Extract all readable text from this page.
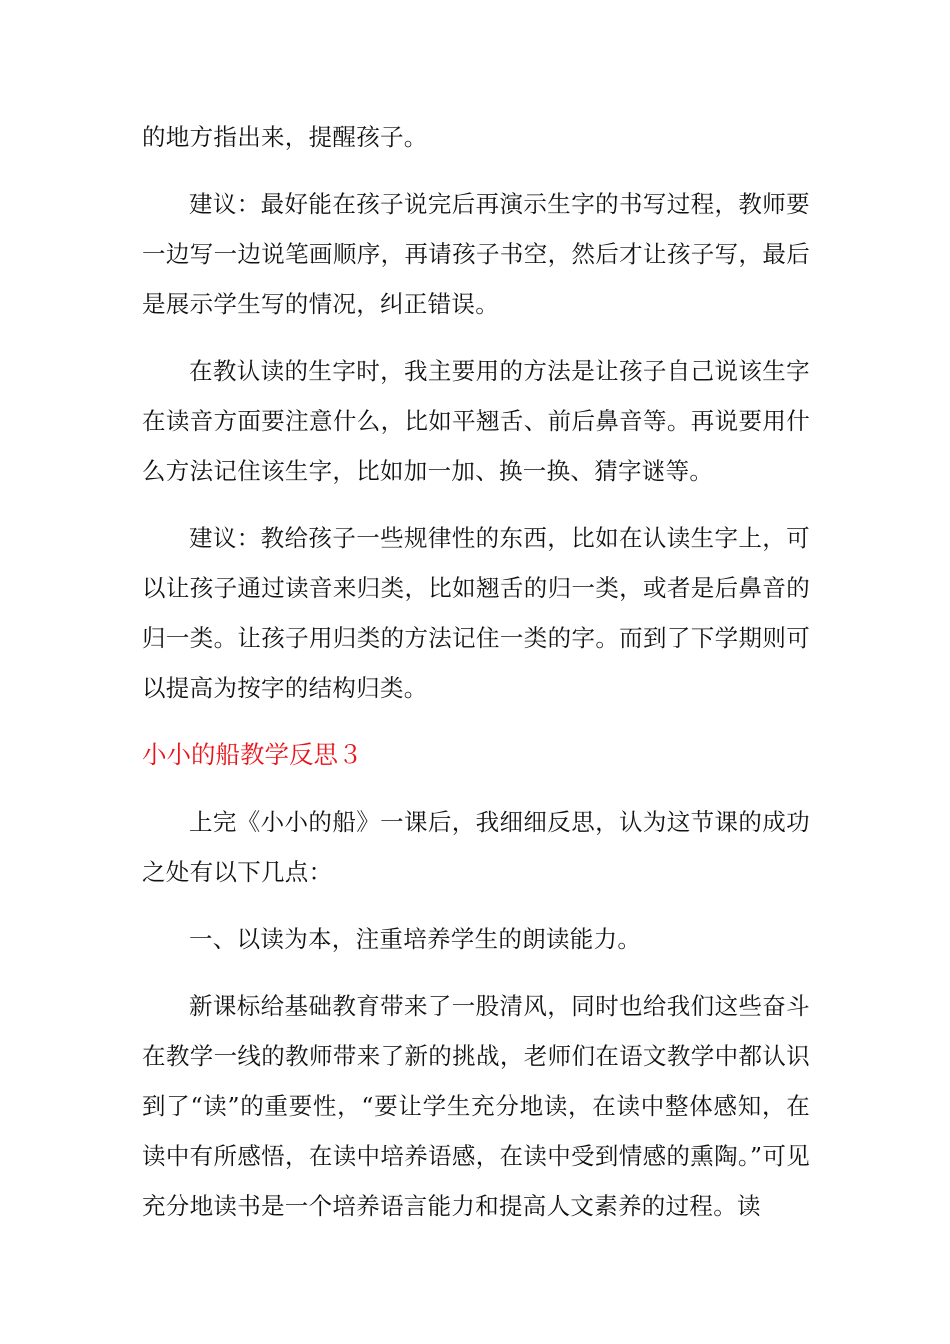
的地方指出来，提醒孩子。

建议：最好能在孩子说完后再演示生字的书写过程，教师要一边写一边说笔画顺序，再请孩子书空，然后才让孩子写，最后是展示学生写的情况，纠正错误。

在教认读的生字时，我主要用的方法是让孩子自己说该生字在读音方面要注意什么，比如平翘舌、前后鼻音等。再说要用什么方法记住该生字，比如加一加、换一换、猜字谜等。

建议：教给孩子一些规律性的东西，比如在认读生字上，可以让孩子通过读音来归类，比如翘舌的归一类，或者是后鼻音的归一类。让孩子用归类的方法记住一类的字。而到了下学期则可以提高为按字的结构归类。

小小的船教学反思３

上完《小小的船》一课后，我细细反思，认为这节课的成功之处有以下几点：

一、以读为本，注重培养学生的朗读能力。

新课标给基础教育带来了一股清风，同时也给我们这些奋斗在教学一线的教师带来了新的挑战，老师们在语文教学中都认识到了“读”的重要性，“要让学生充分地读，在读中整体感知，在读中有所感悟，在读中培养语感，在读中受到情感的熏陶。”可见充分地读书是一个培养语言能力和提高人文素养的过程。读
